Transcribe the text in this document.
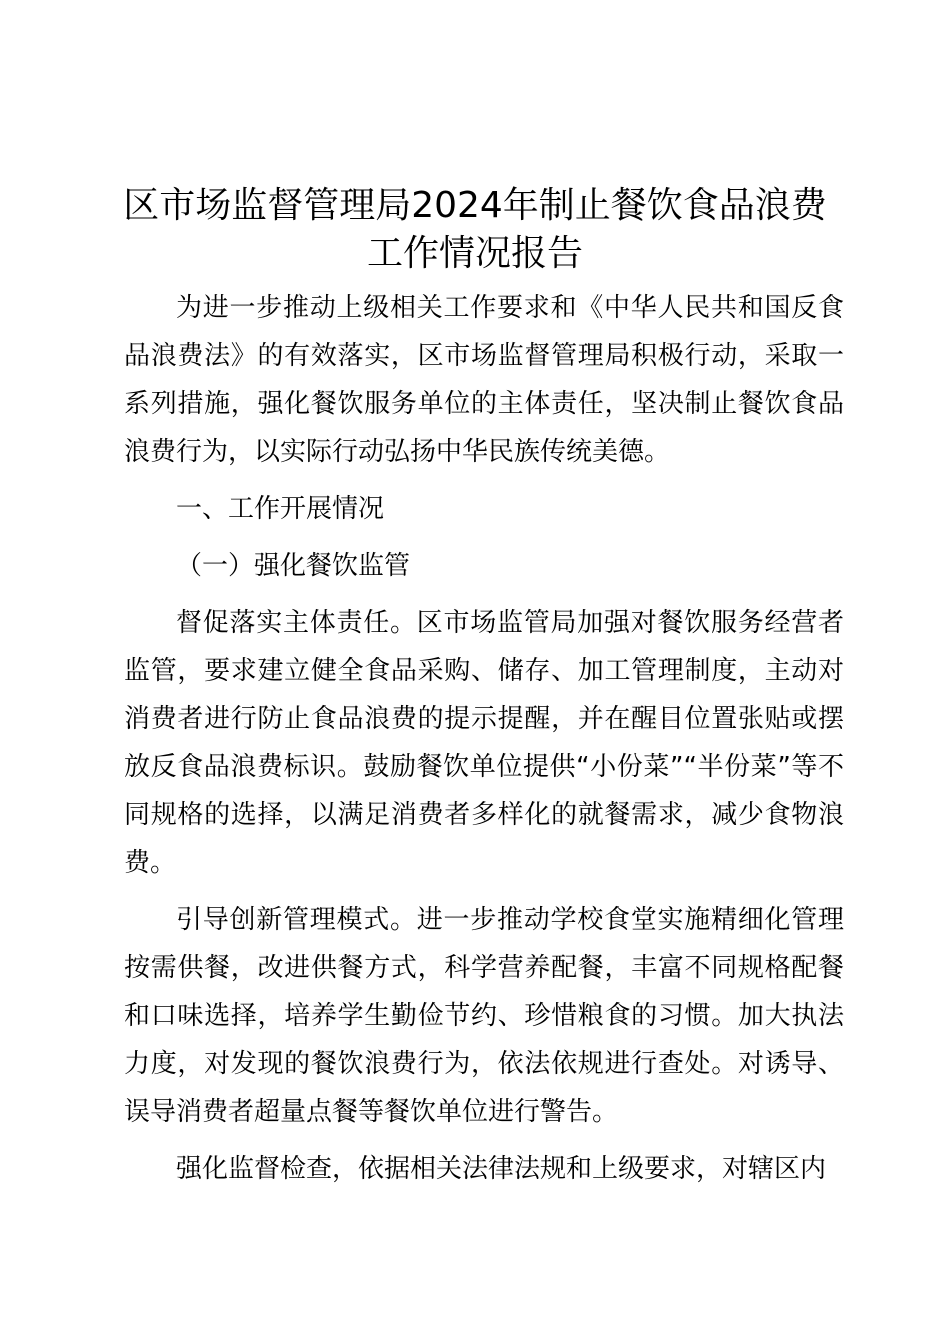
区市场监督管理局2024年制止餐饮食品浪费
工作情况报告

为进一步推动上级相关工作要求和《中华人民共和国反食品浪费法》的有效落实，区市场监督管理局积极行动，采取一系列措施，强化餐饮服务单位的主体责任，坚决制止餐饮食品浪费行为，以实际行动弘扬中华民族传统美德。

一、工作开展情况

（一）强化餐饮监管

督促落实主体责任。区市场监管局加强对餐饮服务经营者监管，要求建立健全食品采购、储存、加工管理制度，主动对消费者进行防止食品浪费的提示提醒，并在醒目位置张贴或摆放反食品浪费标识。鼓励餐饮单位提供“小份菜”“半份菜”等不同规格的选择，以满足消费者多样化的就餐需求，减少食物浪费。

引导创新管理模式。进一步推动学校食堂实施精细化管理按需供餐，改进供餐方式，科学营养配餐，丰富不同规格配餐和口味选择，培养学生勤俭节约、珍惜粮食的习惯。加大执法力度，对发现的餐饮浪费行为，依法依规进行查处。对诱导、误导消费者超量点餐等餐饮单位进行警告。

强化监督检查，依据相关法律法规和上级要求，对辖区内
